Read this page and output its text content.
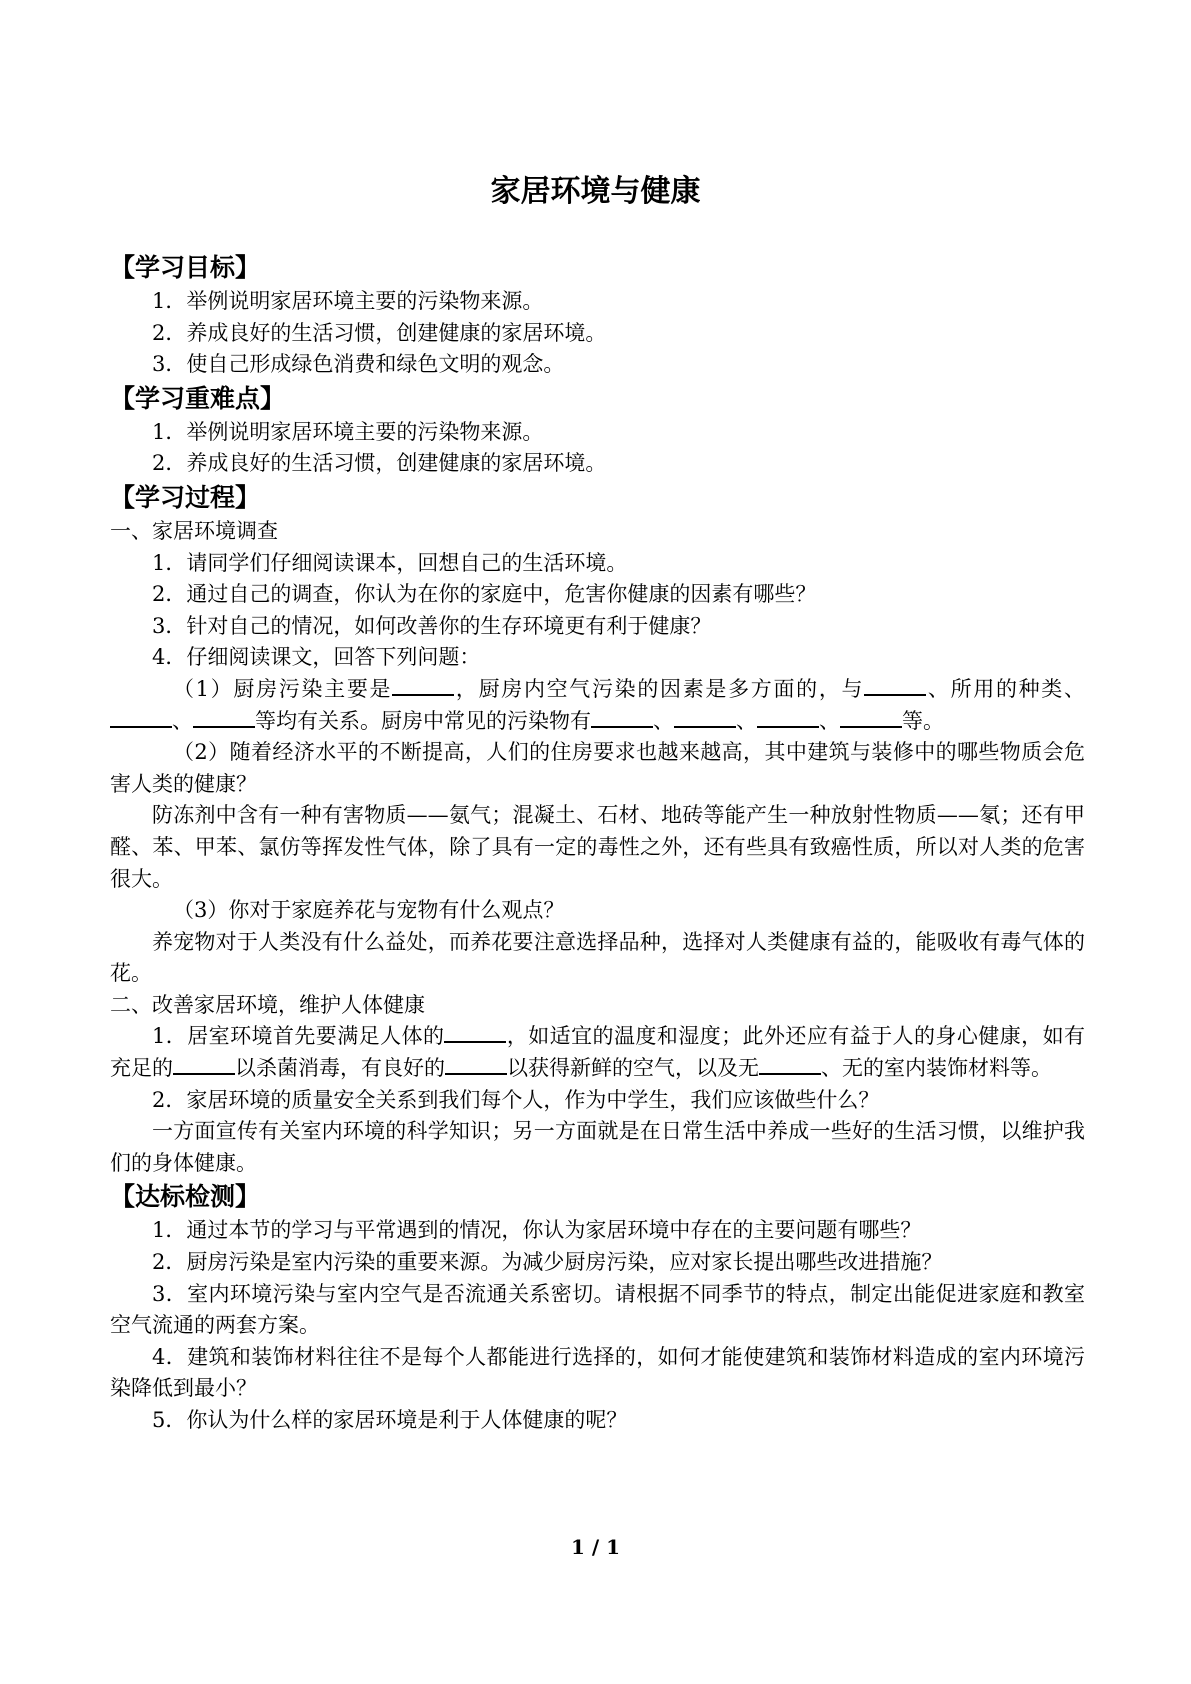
家居环境与健康
【学习目标】
1．举例说明家居环境主要的污染物来源。
2．养成良好的生活习惯，创建健康的家居环境。
3．使自己形成绿色消费和绿色文明的观念。
【学习重难点】
1．举例说明家居环境主要的污染物来源。
2．养成良好的生活习惯，创建健康的家居环境。
【学习过程】
一、家居环境调查
1．请同学们仔细阅读课本，回想自己的生活环境。
2．通过自己的调查，你认为在你的家庭中，危害你健康的因素有哪些？
3．针对自己的情况，如何改善你的生存环境更有利于健康？
4．仔细阅读课文，回答下列问题：
（1）厨房污染主要是	，厨房内空气污染的因素是多方面的，与	、所用的种类、、	等均有关系。厨房中常见的污染物有	、	、	、	等。
（2）随着经济水平的不断提高，人们的住房要求也越来越高，其中建筑与装修中的哪些物质会危害人类的健康？
防冻剂中含有一种有害物质——氨气；混凝土、石材、地砖等能产生一种放射性物质——氡；还有甲醛、苯、甲苯、氯仿等挥发性气体，除了具有一定的毒性之外，还有些具有致癌性质，所以对人类的危害很大。
（3）你对于家庭养花与宠物有什么观点？
养宠物对于人类没有什么益处，而养花要注意选择品种，选择对人类健康有益的，能吸收有毒气体的花。
二、改善家居环境，维护人体健康
1．居室环境首先要满足人体的	，如适宜的温度和湿度；此外还应有益于人的身心健康，如有充足的	以杀菌消毒，有良好的	以获得新鲜的空气，以及无	、无的室内装饰材料等。
2．家居环境的质量安全关系到我们每个人，作为中学生，我们应该做些什么？
一方面宣传有关室内环境的科学知识；另一方面就是在日常生活中养成一些好的生活习惯，以维护我们的身体健康。
【达标检测】
1．通过本节的学习与平常遇到的情况，你认为家居环境中存在的主要问题有哪些？
2．厨房污染是室内污染的重要来源。为减少厨房污染，应对家长提出哪些改进措施？
3．室内环境污染与室内空气是否流通关系密切。请根据不同季节的特点，制定出能促进家庭和教室空气流通的两套方案。
4．建筑和装饰材料往往不是每个人都能进行选择的，如何才能使建筑和装饰材料造成的室内环境污染降低到最小？
5．你认为什么样的家居环境是利于人体健康的呢？
1 / 1
